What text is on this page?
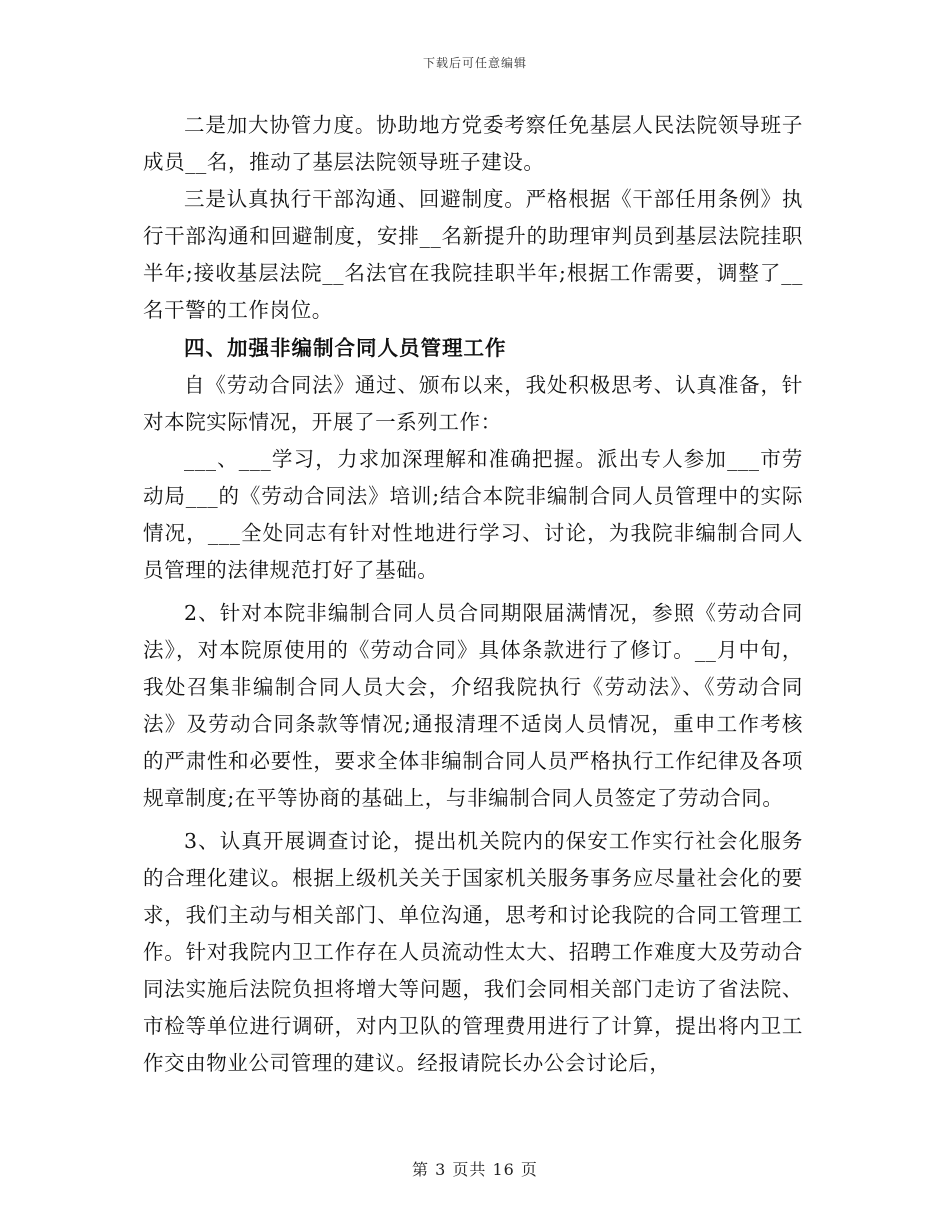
下载后可任意编辑

二是加大协管力度。协助地方党委考察任免基层人民法院领导班子成员__名，推动了基层法院领导班子建设。

三是认真执行干部沟通、回避制度。严格根据《干部任用条例》执行干部沟通和回避制度，安排__名新提升的助理审判员到基层法院挂职半年;接收基层法院__名法官在我院挂职半年;根据工作需要，调整了__名干警的工作岗位。

四、加强非编制合同人员管理工作

自《劳动合同法》通过、颁布以来，我处积极思考、认真准备，针对本院实际情况，开展了一系列工作：

___、___学习，力求加深理解和准确把握。派出专人参加___市劳动局___的《劳动合同法》培训;结合本院非编制合同人员管理中的实际情况，___全处同志有针对性地进行学习、讨论，为我院非编制合同人员管理的法律规范打好了基础。

2、针对本院非编制合同人员合同期限届满情况，参照《劳动合同法》，对本院原使用的《劳动合同》具体条款进行了修订。__月中旬，我处召集非编制合同人员大会，介绍我院执行《劳动法》、《劳动合同法》及劳动合同条款等情况;通报清理不适岗人员情况，重申工作考核的严肃性和必要性，要求全体非编制合同人员严格执行工作纪律及各项规章制度;在平等协商的基础上，与非编制合同人员签定了劳动合同。

3、认真开展调查讨论，提出机关院内的保安工作实行社会化服务的合理化建议。根据上级机关关于国家机关服务事务应尽量社会化的要求，我们主动与相关部门、单位沟通，思考和讨论我院的合同工管理工作。针对我院内卫工作存在人员流动性太大、招聘工作难度大及劳动合同法实施后法院负担将增大等问题，我们会同相关部门走访了省法院、市检等单位进行调研，对内卫队的管理费用进行了计算，提出将内卫工作交由物业公司管理的建议。经报请院长办公会讨论后，

第 3 页共 16 页
